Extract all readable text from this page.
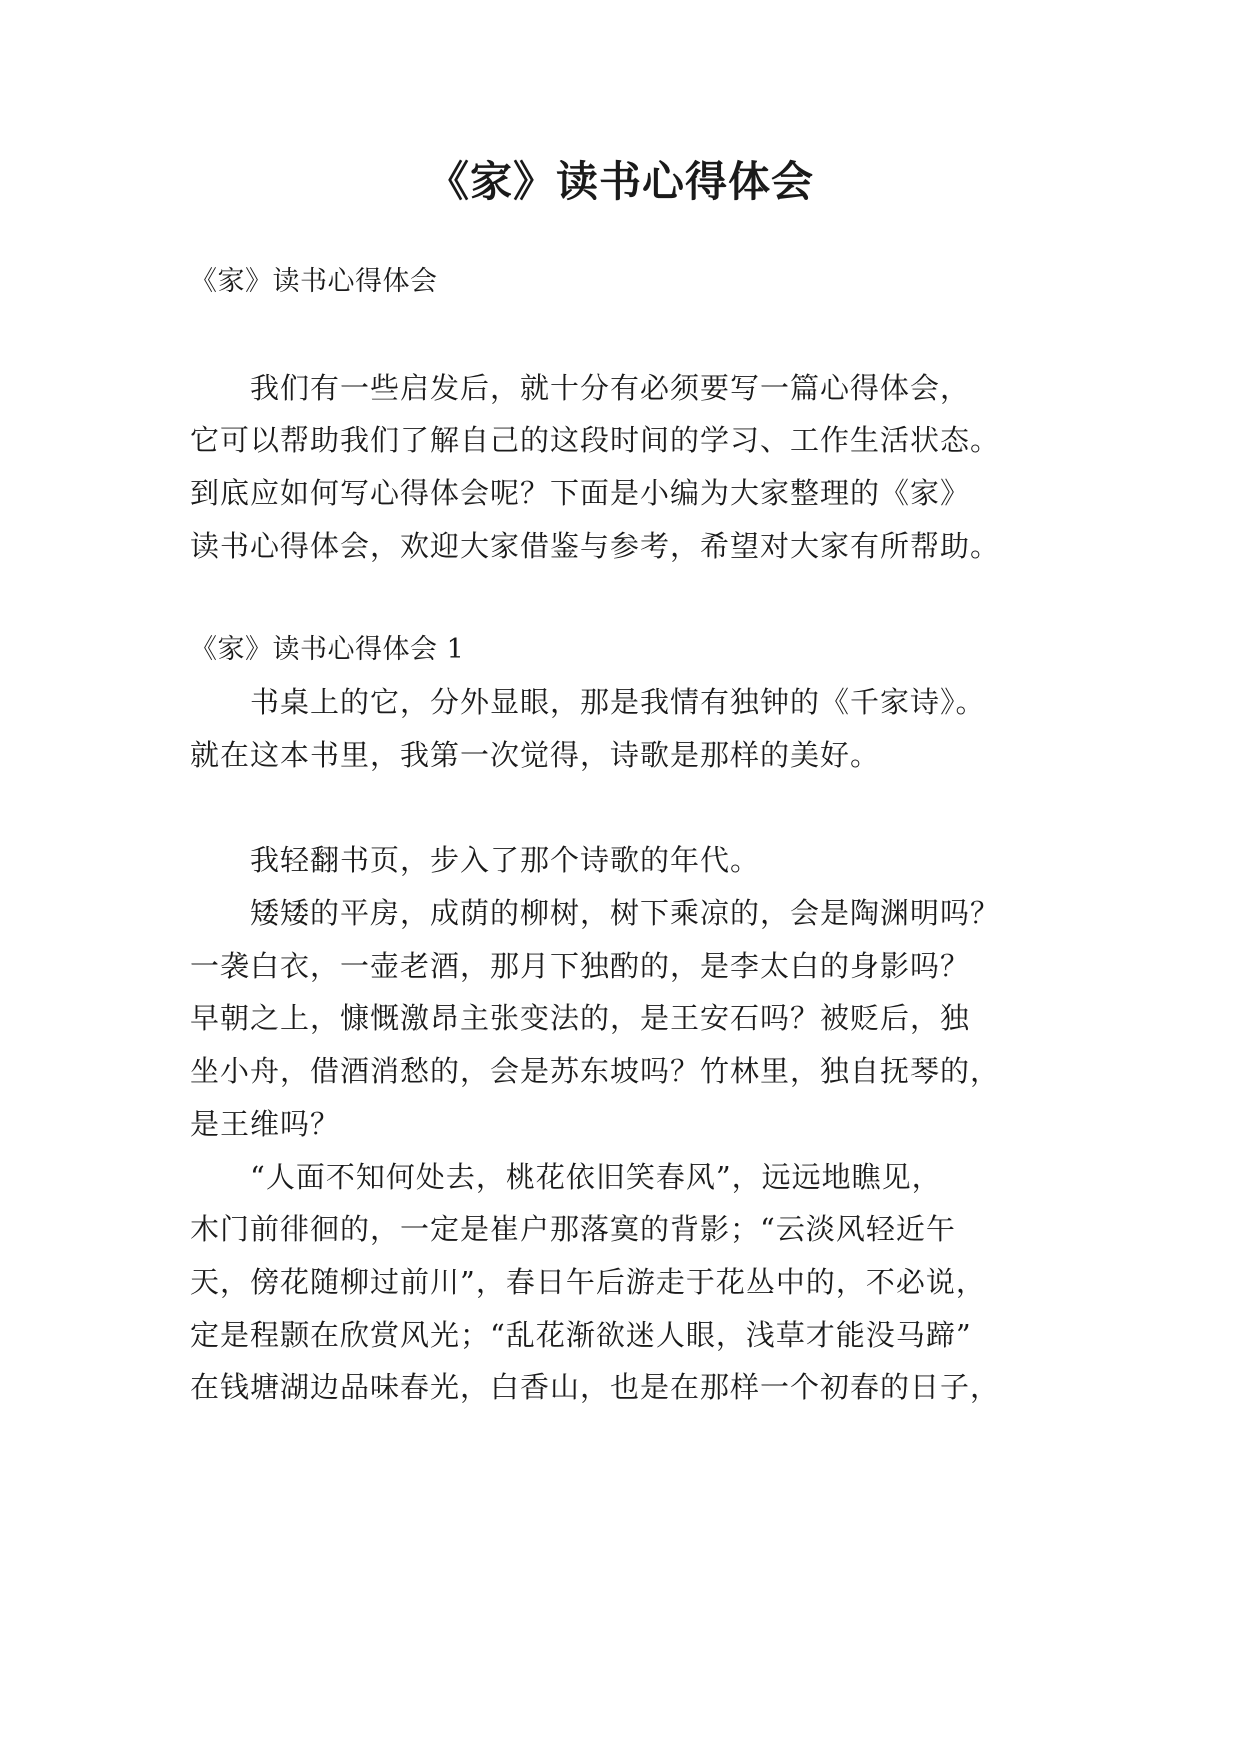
《家》读书心得体会

《家》读书心得体会

我们有一些启发后，就十分有必须要写一篇心得体会，

它可以帮助我们了解自己的这段时间的学习、工作生活状态。

到底应如何写心得体会呢？下面是小编为大家整理的《家》

读书心得体会，欢迎大家借鉴与参考，希望对大家有所帮助。

《家》读书心得体会 1

书桌上的它，分外显眼，那是我情有独钟的《千家诗》。

就在这本书里，我第一次觉得，诗歌是那样的美好。

我轻翻书页，步入了那个诗歌的年代。

矮矮的平房，成荫的柳树，树下乘凉的，会是陶渊明吗？

一袭白衣，一壶老酒，那月下独酌的，是李太白的身影吗？

早朝之上，慷慨激昂主张变法的，是王安石吗？被贬后，独

坐小舟，借酒消愁的，会是苏东坡吗？竹林里，独自抚琴的，

是王维吗？

“人面不知何处去，桃花依旧笑春风”，远远地瞧见，

木门前徘徊的，一定是崔户那落寞的背影；“云淡风轻近午

天，傍花随柳过前川”，春日午后游走于花丛中的，不必说，

定是程颢在欣赏风光；“乱花渐欲迷人眼，浅草才能没马蹄”

在钱塘湖边品味春光，白香山，也是在那样一个初春的日子，
